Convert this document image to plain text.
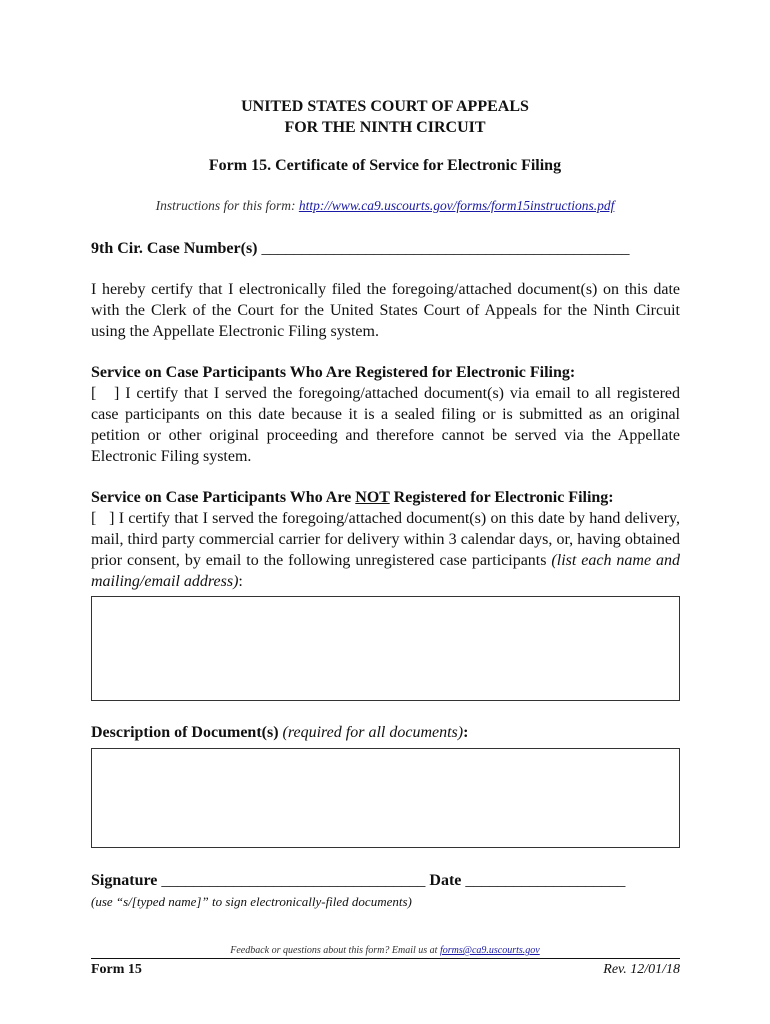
UNITED STATES COURT OF APPEALS
FOR THE NINTH CIRCUIT
Form 15. Certificate of Service for Electronic Filing
Instructions for this form: http://www.ca9.uscourts.gov/forms/form15instructions.pdf
9th Cir. Case Number(s) ______________________________________________
I hereby certify that I electronically filed the foregoing/attached document(s) on this date with the Clerk of the Court for the United States Court of Appeals for the Ninth Circuit using the Appellate Electronic Filing system.
Service on Case Participants Who Are Registered for Electronic Filing:
[   ] I certify that I served the foregoing/attached document(s) via email to all registered case participants on this date because it is a sealed filing or is submitted as an original petition or other original proceeding and therefore cannot be served via the Appellate Electronic Filing system.
Service on Case Participants Who Are NOT Registered for Electronic Filing:
[   ] I certify that I served the foregoing/attached document(s) on this date by hand delivery, mail, third party commercial carrier for delivery within 3 calendar days, or, having obtained prior consent, by email to the following unregistered case participants (list each name and mailing/email address):
Description of Document(s) (required for all documents):
Signature _________________________________ Date ____________________
(use “s/[typed name]” to sign electronically-filed documents)
Feedback or questions about this form? Email us at forms@ca9.uscourts.gov
Form 15	Rev. 12/01/18
